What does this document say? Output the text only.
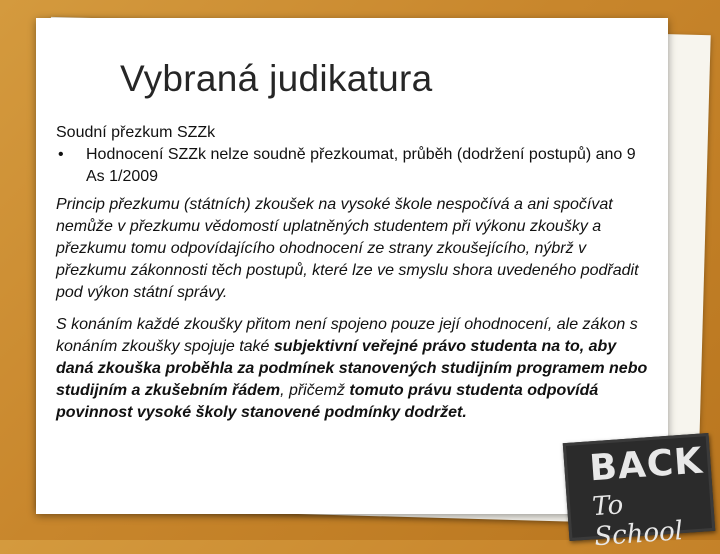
Vybraná judikatura

Soudní přezkum SZZk

•	Hodnocení SZZk nelze soudně přezkoumat, průběh (dodržení postupů) ano 9 As 1/2009

Princip přezkumu (státních) zkoušek na vysoké škole nespočívá a ani spočívat nemůže v přezkumu vědomostí uplatněných studentem při výkonu zkoušky a přezkumu tomu odpovídajícího ohodnocení ze strany zkoušejícího, nýbrž v přezkumu zákonnosti těch postupů, které lze ve smyslu shora uvedeného podřadit pod výkon státní správy.

S konáním každé zkoušky přitom není spojeno pouze její ohodnocení, ale zákon s konáním zkoušky spojuje také subjektivní veřejné právo studenta na to, aby daná zkouška proběhla za podmínek stanovených studijním programem nebo studijním a zkušebním řádem, přičemž tomuto právu studenta odpovídá povinnost vysoké školy stanovené podmínky dodržet.

BACK
To School
